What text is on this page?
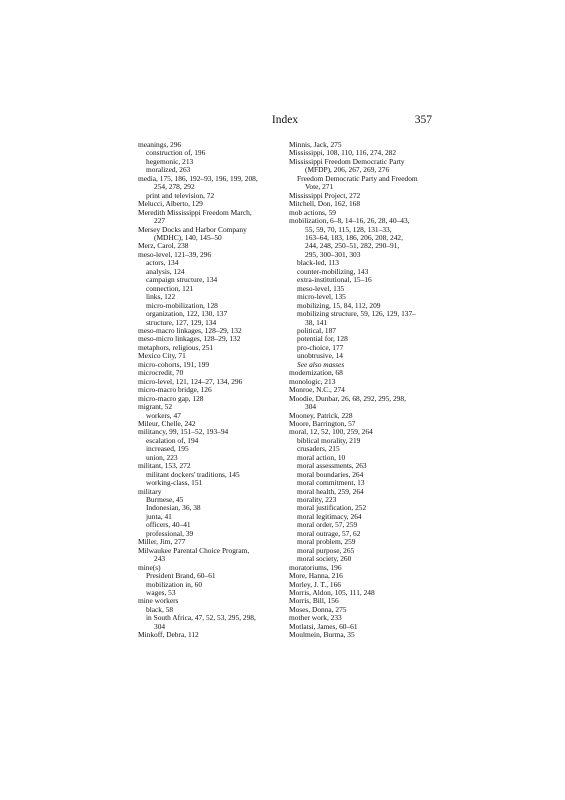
Index	357
meanings, 296
construction of, 196
hegemonic, 213
moralized, 263
media, 175, 186, 192–93, 196, 199, 208,
254, 278, 292
print and television, 72
Melucci, Alberto, 129
Meredith Mississippi Freedom March,
227
Mersey Docks and Harbor Company
(MDHC), 140, 145–50
Merz, Carol, 238
meso-level, 121–39, 296
actors, 134
analysis, 124
campaign structure, 134
connection, 121
links, 122
micro-mobilization, 128
organization, 122, 130, 137
structure, 127, 129, 134
meso-macro linkages, 128–29, 132
meso-micro linkages, 128–29, 132
metaphors, religious, 251
Mexico City, 71
micro-cohorts, 191, 199
microcredit, 70
micro-level, 121, 124–27, 134, 296
micro-macro bridge, 126
micro-macro gap, 128
migrant, 52
workers, 47
Mileur, Chelle, 242
militancy, 99, 151–52, 193–94
escalation of, 194
increased, 195
union, 223
militant, 153, 272
militant dockers' traditions, 145
working-class, 151
military
Burmese, 45
Indonesian, 36, 38
junta, 41
officers, 40–41
professional, 39
Miller, Jim, 277
Milwaukee Parental Choice Program,
243
mine(s)
President Brand, 60–61
mobilization in, 60
wages, 53
mine workers
black, 58
in South Africa, 47, 52, 53, 295, 298,
304
Minkoff, Debra, 112
Minnis, Jack, 275
Mississippi, 108, 110, 116, 274, 282
Mississippi Freedom Democratic Party
(MFDP), 206, 267, 269, 276
Freedom Democratic Party and Freedom
Vote, 271
Mississippi Project, 272
Mitchell, Don, 162, 168
mob actions, 59
mobilization, 6–8, 14–16, 26, 28, 40–43,
55, 59, 70, 115, 128, 131–33,
163–64, 183, 186, 206, 208, 242,
244, 248, 250–51, 282, 290–91,
295, 300–301, 303
black-led, 113
counter-mobilizing, 143
extra-institutional, 15–16
meso-level, 135
micro-level, 135
mobilizing, 15, 84, 112, 209
mobilizing structure, 59, 126, 129, 137–
38, 141
political, 187
potential for, 128
pro-choice, 177
unobtrusive, 14
See also masses
modernization, 68
monologic, 213
Monroe, N.C., 274
Moodie, Dunbar, 26, 68, 292, 295, 298,
304
Mooney, Patrick, 228
Moore, Barrington, 57
moral, 12, 52, 100, 259, 264
biblical morality, 219
crusaders, 215
moral action, 10
moral assessments, 263
moral boundaries, 264
moral commitment, 13
moral health, 259, 264
morality, 223
moral justification, 252
moral legitimacy, 264
moral order, 57, 259
moral outrage, 57, 62
moral problem, 259
moral purpose, 265
moral society, 260
moratoriums, 196
More, Hanna, 216
Morley, J. T., 166
Morris, Aldon, 105, 111, 248
Morris, Bill, 156
Moses, Donna, 275
mother work, 233
Motlatsi, James, 60–61
Moulmein, Burma, 35
